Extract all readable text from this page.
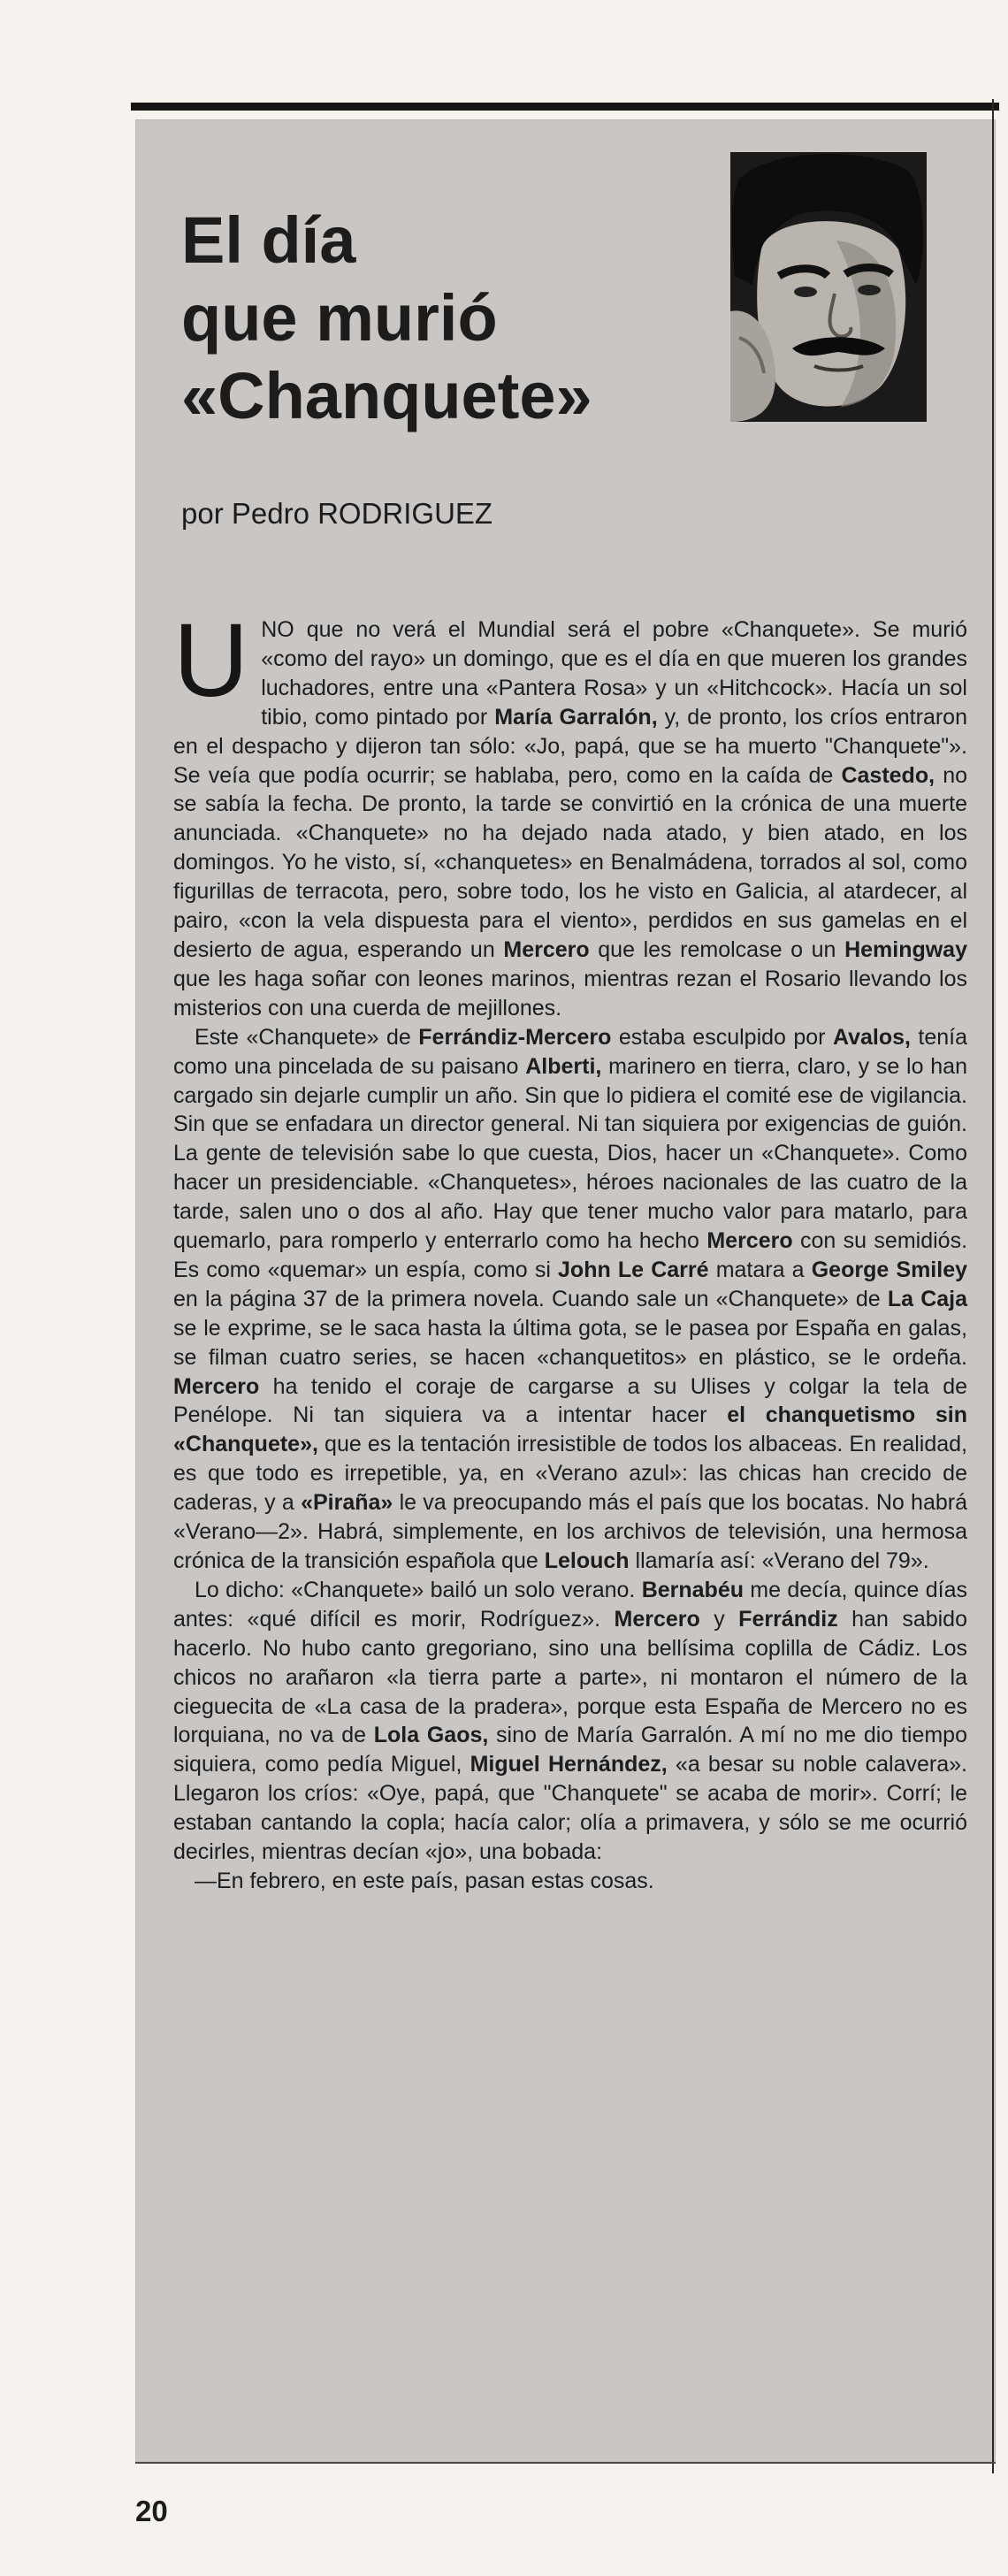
El día
que murió
«Chanquete»
por Pedro RODRIGUEZ
U NO que no verá el Mundial será el pobre «Chanquete». Se murió «como del rayo» un domingo, que es el día en que mueren los grandes luchadores, entre una «Pantera Rosa» y un «Hitchcock». Hacía un sol tibio, como pintado por María Garralón, y, de pronto, los críos entraron en el despacho y dijeron tan sólo: «Jo, papá, que se ha muerto "Chanquete"». Se veía que podía ocurrir; se hablaba, pero, como en la caída de Castedo, no se sabía la fecha. De pronto, la tarde se convirtió en la crónica de una muerte anunciada. «Chanquete» no ha dejado nada atado, y bien atado, en los domingos. Yo he visto, sí, «chanquetes» en Benalmádena, torrados al sol, como figurillas de terracota, pero, sobre todo, los he visto en Galicia, al atardecer, al pairo, «con la vela dispuesta para el viento», perdidos en sus gamelas en el desierto de agua, esperando un Mercero que les remolcase o un Hemingway que les haga soñar con leones marinos, mientras rezan el Rosario llevando los misterios con una cuerda de mejillones.

Este «Chanquete» de Ferrándiz-Mercero estaba esculpido por Avalos, tenía como una pincelada de su paisano Alberti, marinero en tierra, claro, y se lo han cargado sin dejarle cumplir un año. Sin que lo pidiera el comité ese de vigilancia. Sin que se enfadara un director general. Ni tan siquiera por exigencias de guión. La gente de televisión sabe lo que cuesta, Dios, hacer un «Chanquete». Como hacer un presidenciable. «Chanquetes», héroes nacionales de las cuatro de la tarde, salen uno o dos al año. Hay que tener mucho valor para matarlo, para quemarlo, para romperlo y enterrarlo como ha hecho Mercero con su semidiós. Es como «quemar» un espía, como si John Le Carré matara a George Smiley en la página 37 de la primera novela. Cuando sale un «Chanquete» de La Caja se le exprime, se le saca hasta la última gota, se le pasea por España en galas, se filman cuatro series, se hacen «chanquetitos» en plástico, se le ordeña. Mercero ha tenido el coraje de cargarse a su Ulises y colgar la tela de Penélope. Ni tan siquiera va a intentar hacer el chanquetismo sin «Chanquete», que es la tentación irresistible de todos los albaceas. En realidad, es que todo es irrepetible, ya, en «Verano azul»: las chicas han crecido de caderas, y a «Piraña» le va preocupando más el país que los bocatas. No habrá «Verano—2». Habrá, simplemente, en los archivos de televisión, una hermosa crónica de la transición española que Lelouch llamaría así: «Verano del 79».

Lo dicho: «Chanquete» bailó un solo verano. Bernabéu me decía, quince días antes: «qué difícil es morir, Rodríguez». Mercero y Ferrándiz han sabido hacerlo. No hubo canto gregoriano, sino una bellísima coplilla de Cádiz. Los chicos no arañaron «la tierra parte a parte», ni montaron el número de la cieguecita de «La casa de la pradera», porque esta España de Mercero no es lorquiana, no va de Lola Gaos, sino de María Garralón. A mí no me dio tiempo siquiera, como pedía Miguel, Miguel Hernández, «a besar su noble calavera». Llegaron los críos: «Oye, papá, que "Chanquete" se acaba de morir». Corrí; le estaban cantando la copla; hacía calor; olía a primavera, y sólo se me ocurrió decirles, mientras decían «jo», una bobada:

—En febrero, en este país, pasan estas cosas.

20
